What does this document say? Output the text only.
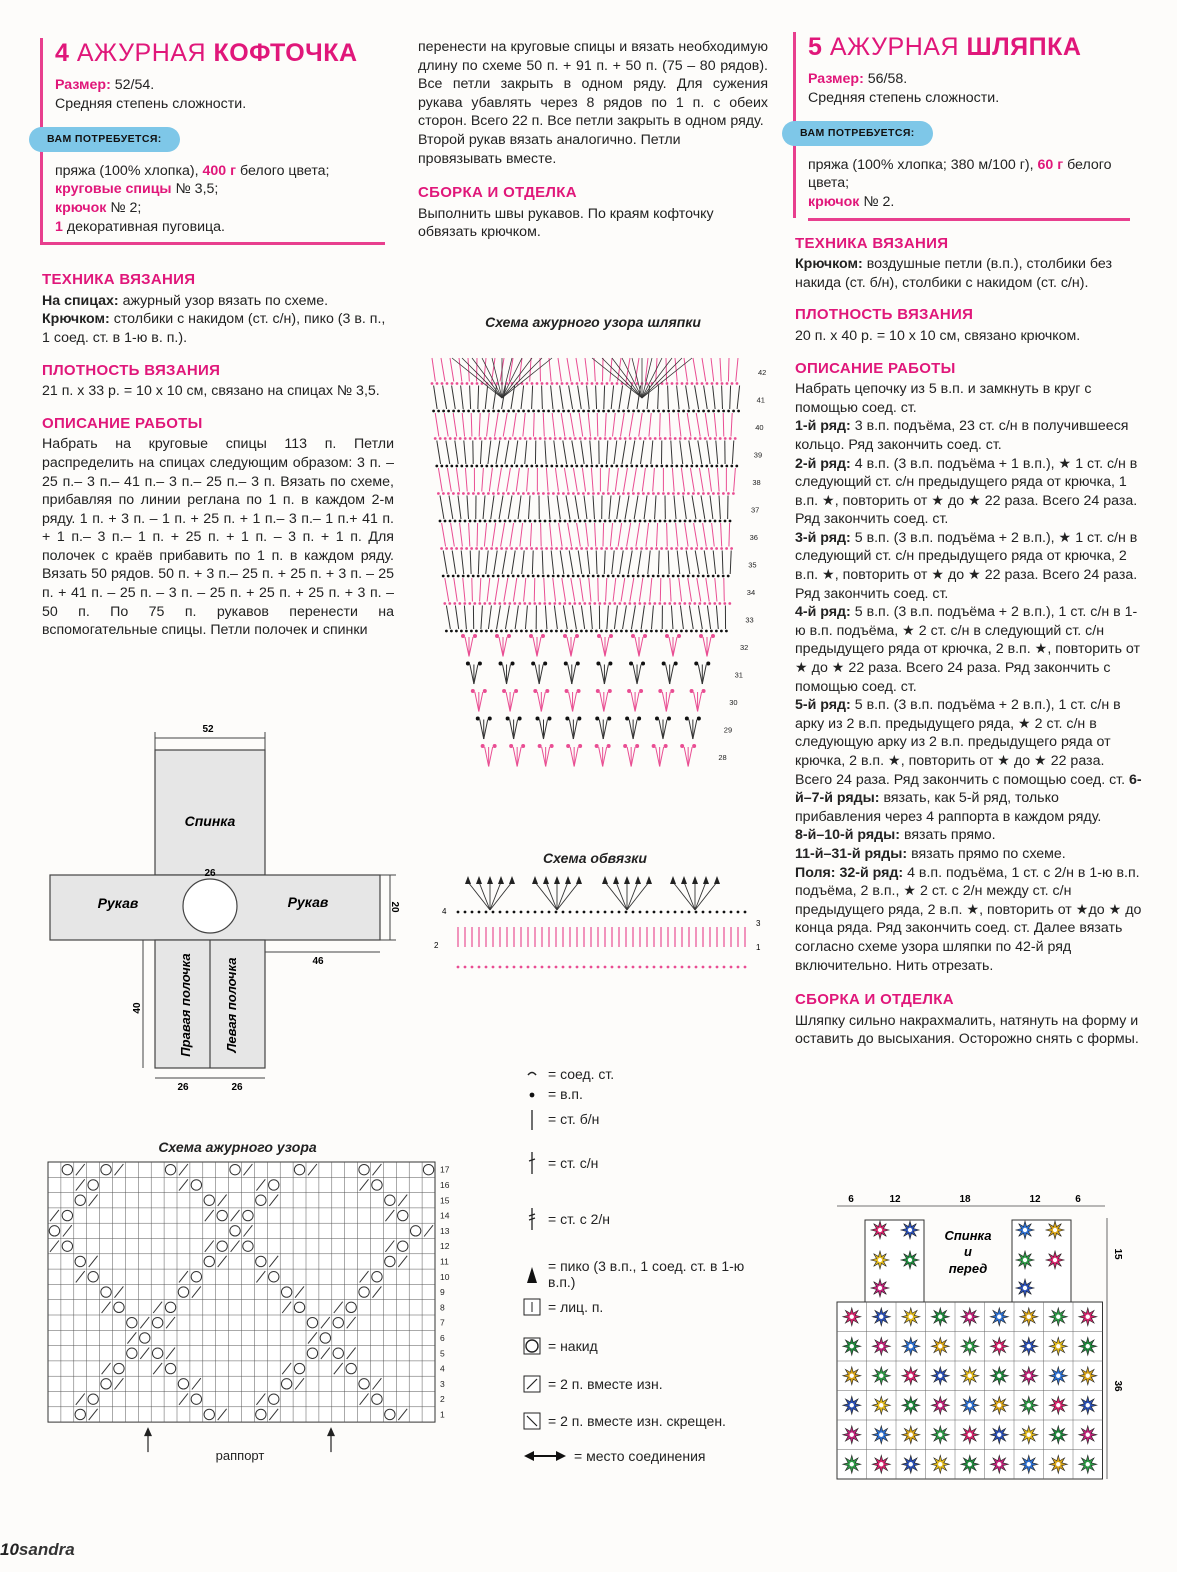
4 АЖУРНАЯ КОФТОЧКА

Размер: 52/54.

Средняя степень сложности.

ВАМ ПОТРЕБУЕТСЯ:

пряжа (100% хлопка), 400 г белого цвета;

круговые спицы № 3,5;

крючок № 2;

1 декоративная пуговица.

ТЕХНИКА ВЯЗАНИЯ

На спицах: ажурный узор вязать по схеме.

Крючком: столбики с накидом (ст. с/н), пико (3 в. п., 1 соед. ст. в 1-ю в. п.).

ПЛОТНОСТЬ ВЯЗАНИЯ

21 п. х 33 р. = 10 х 10 см, связано на спицах № 3,5.

ОПИСАНИЕ РАБОТЫ

Набрать на круговые спицы 113 п. Петли распределить на спицах следующим образом: 3 п. – 25 п.– 3 п.– 41 п.– 3 п.– 25 п.– 3 п. Вязать по схеме, прибавляя по линии реглана по 1 п. в каждом 2-м ряду. 1 п. + 3 п. – 1 п. + 25 п. + 1 п.– 3 п.– 1 п.+ 41 п. + 1 п.– 3 п.– 1 п. + 25 п. + 1 п. – 3 п. + 1 п. Для полочек с краёв прибавить по 1 п. в каждом ряду. Вязать 50 рядов. 50 п. + 3 п.– 25 п. + 25 п. + 3 п. – 25 п. + 41 п. – 25 п. – 3 п. – 25 п. + 25 п. + 25 п. + 3 п. – 50 п. По 75 п. рукавов перенести на вспомогательные спицы. Петли полочек и спинки

52
Спинка
Рукав	Рукав
26
20
46
40	Правая полочка Левая полочка
26	26
Схема ажурного узора
17
16
15
14
13
12
11
10
9
8
7
6
5
4
3
2
1
раппорт

перенести на круговые спицы и вязать необходимую длину по схеме 50 п. + 91 п. + 50 п. (75 – 80 рядов). Все петли закрыть в одном ряду. Для сужения рукава убавлять через 8 рядов по 1 п. с обеих сторон. Всего 22 п. Все петли закрыть в одном ряду.

Второй рукав вязать аналогично. Петли провязывать вместе.

СБОРКА И ОТДЕЛКА

Выполнить швы рукавов. По краям кофточку обвязать крючком.

Схема ажурного узора шляпки
42
41
40
39
38
37
36
35
34
33
32
31
30
29
28
Схема обвязки
4
2
3
1
= соед. ст.
= в.п.
= ст. б/н
= ст. с/н
= ст. с 2/н
= пико (3 в.п., 1 соед. ст. в 1-ю в.п.)
= лиц. п.
= накид
= 2 п. вместе изн.
= 2 п. вместе изн. скрещен.
= место соединения
5 АЖУРНАЯ ШЛЯПКА

Размер: 56/58.

Средняя степень сложности.

ВАМ ПОТРЕБУЕТСЯ:

пряжа (100% хлопка; 380 м/100 г), 60 г белого цвета;

крючок № 2.

ТЕХНИКА ВЯЗАНИЯ

Крючком: воздушные петли (в.п.), столбики без накида (ст. б/н), столбики с накидом (ст. с/н).

ПЛОТНОСТЬ ВЯЗАНИЯ

20 п. х 40 р. = 10 х 10 см, связано крючком.

ОПИСАНИЕ РАБОТЫ

Набрать цепочку из 5 в.п. и замкнуть в круг с помощью соед. ст.

1-й ряд: 3 в.п. подъёма, 23 ст. с/н в получившееся кольцо. Ряд закончить соед. ст.

2-й ряд: 4 в.п. (3 в.п. подъёма + 1 в.п.), ★ 1 ст. с/н в следующий ст. с/н предыдущего ряда от крючка, 1 в.п. ★, повторить от ★ до ★ 22 раза. Всего 24 раза. Ряд закончить соед. ст.

3-й ряд: 5 в.п. (3 в.п. подъёма + 2 в.п.), ★ 1 ст. с/н в следующий ст. с/н предыдущего ряда от крючка, 2 в.п. ★, повторить от ★ до ★ 22 раза. Всего 24 раза. Ряд закончить соед. ст.

4-й ряд: 5 в.п. (3 в.п. подъёма + 2 в.п.), 1 ст. с/н в 1-ю в.п. подъёма, ★ 2 ст. с/н в следующий ст. с/н предыдущего ряда от крючка, 2 в.п. ★, повторить от ★ до ★ 22 раза. Всего 24 раза. Ряд закончить с помощью соед. ст.

5-й ряд: 5 в.п. (3 в.п. подъёма + 2 в.п.), 1 ст. с/н в арку из 2 в.п. предыдущего ряда, ★ 2 ст. с/н в следующую арку из 2 в.п. предыдущего ряда от крючка, 2 в.п. ★, повторить от ★ до ★ 22 раза. Всего 24 раза. Ряд закончить с помощью соед. ст. 6-й–7-й ряды: вязать, как 5-й ряд, только прибавления через 4 раппорта в каждом ряду.

8-й–10-й ряды: вязать прямо.

11-й–31-й ряды: вязать прямо по схеме.

Поля: 32-й ряд: 4 в.п. подъёма, 1 ст. с 2/н в 1-ю в.п. подъёма, 2 в.п., ★ 2 ст. с 2/н между ст. с/н предыдущего ряда, 2 в.п. ★, повторить от ★до ★ до конца ряда. Ряд закончить соед. ст. Далее вязать согласно схеме узора шляпки по 42-й ряд включительно. Нить отрезать.

СБОРКА И ОТДЕЛКА

Шляпку сильно накрахмалить, натянуть на форму и оставить до высыхания. Осторожно снять с формы.

6	12	18	12	6
Спинка
и
перед
15
36
10sandra
